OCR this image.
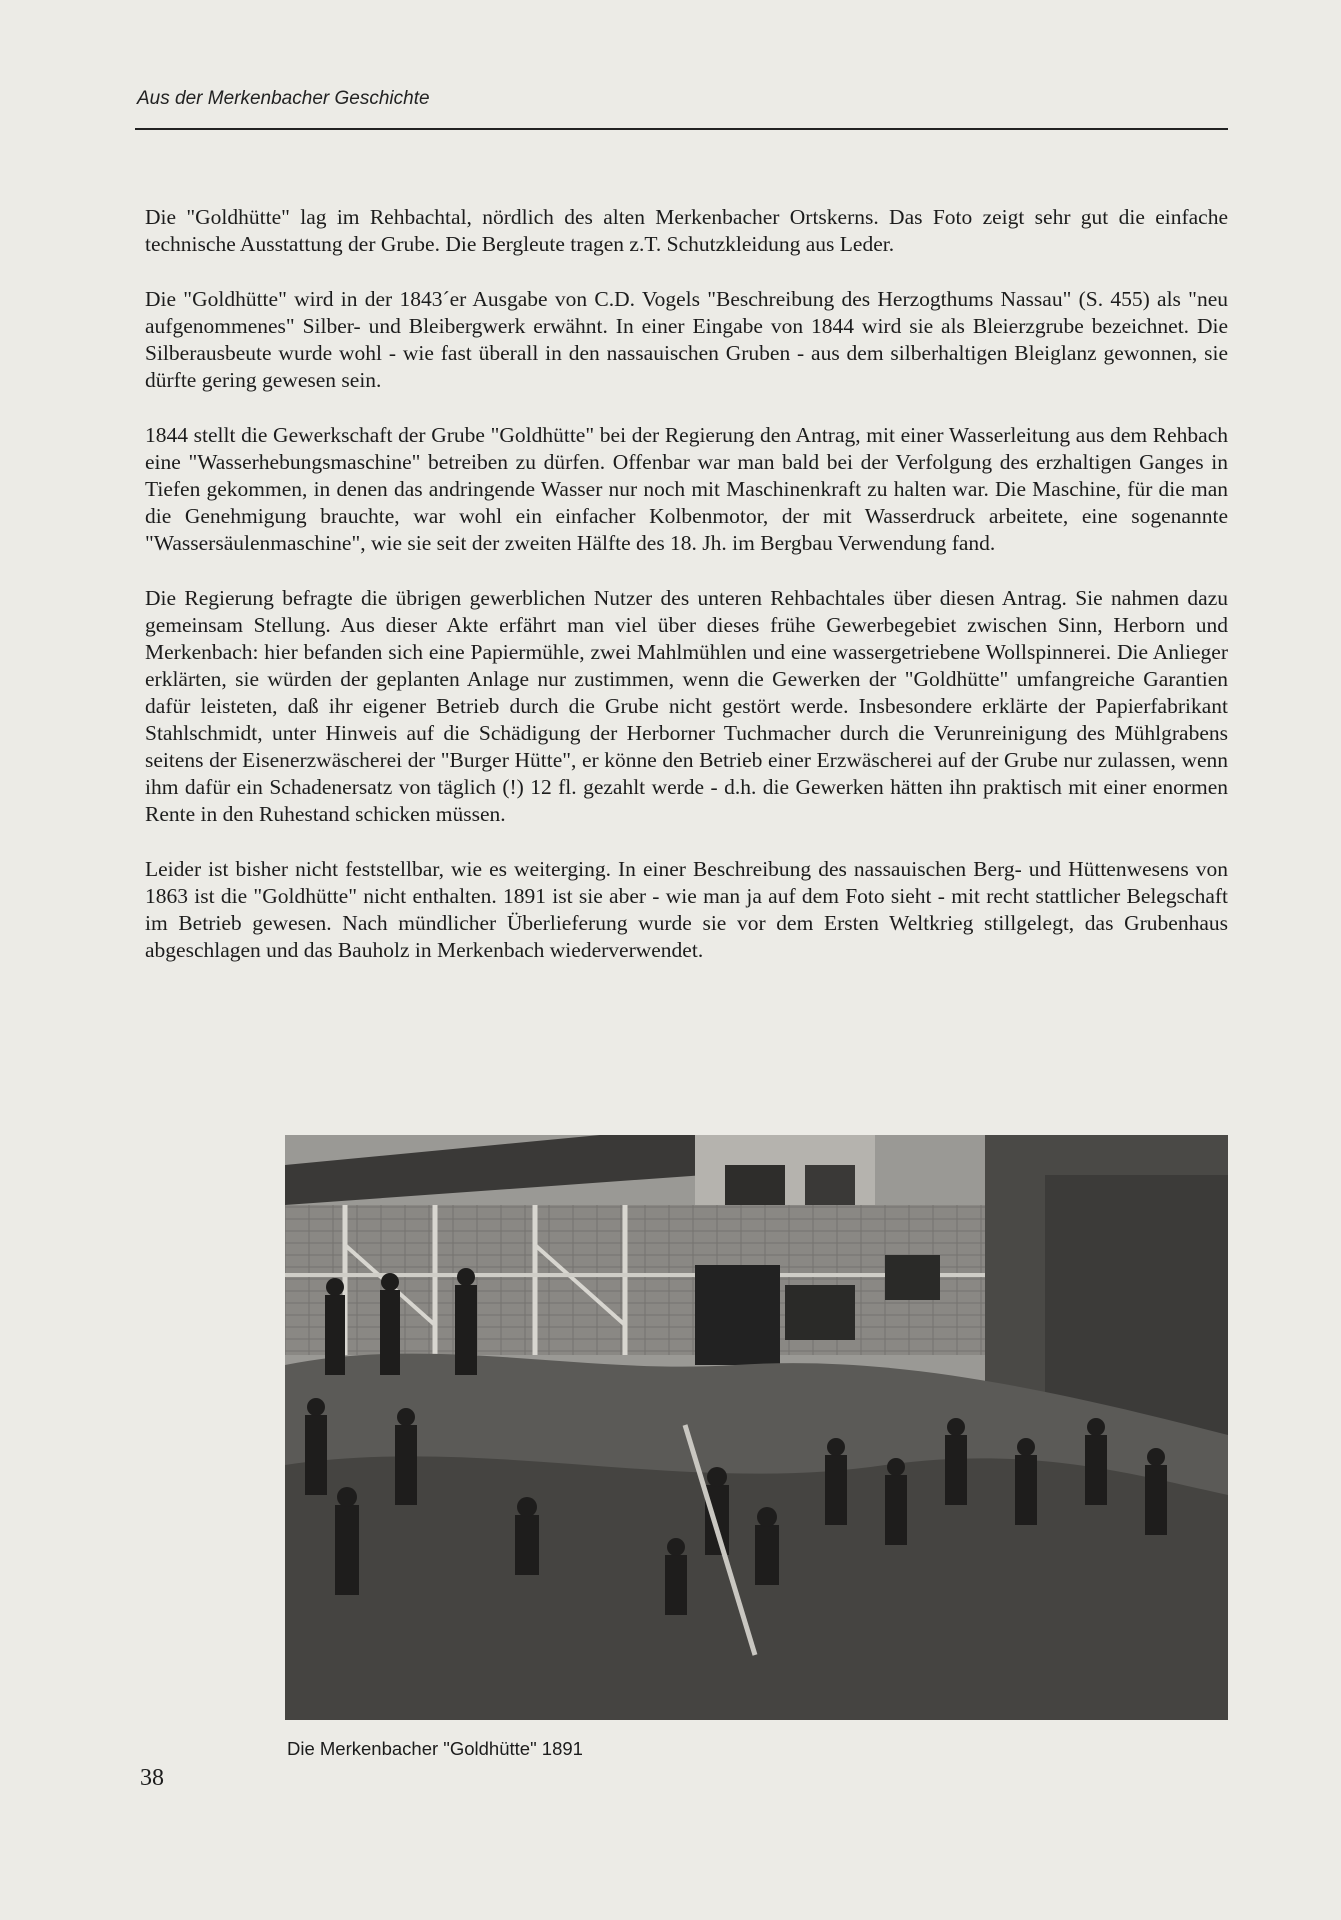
Aus der Merkenbacher Geschichte

Die "Goldhütte" lag im Rehbachtal, nördlich des alten Merkenbacher Ortskerns. Das Foto zeigt sehr gut die einfache technische Ausstattung der Grube. Die Bergleute tragen z.T. Schutzkleidung aus Leder.

Die "Goldhütte" wird in der 1843´er Ausgabe von C.D. Vogels "Beschreibung des Herzogthums Nassau" (S. 455) als "neu aufgenommenes" Silber- und Bleibergwerk erwähnt. In einer Eingabe von 1844 wird sie als Bleierzgrube bezeichnet. Die Silberausbeute wurde wohl - wie fast überall in den nassauischen Gruben - aus dem silberhaltigen Bleiglanz gewonnen, sie dürfte gering gewesen sein.

1844 stellt die Gewerkschaft der Grube "Goldhütte" bei der Regierung den Antrag, mit einer Wasserleitung aus dem Rehbach eine "Wasserhebungsmaschine" betreiben zu dürfen. Offenbar war man bald bei der Verfolgung des erzhaltigen Ganges in Tiefen gekommen, in denen das andringende Wasser nur noch mit Maschinenkraft zu halten war. Die Maschine, für die man die Genehmigung brauchte, war wohl ein einfacher Kolbenmotor, der mit Wasserdruck arbeitete, eine sogenannte "Wassersäulenmaschine", wie sie seit der zweiten Hälfte des 18. Jh. im Bergbau Verwendung fand.

Die Regierung befragte die übrigen gewerblichen Nutzer des unteren Rehbachtales über diesen Antrag. Sie nahmen dazu gemeinsam Stellung. Aus dieser Akte erfährt man viel über dieses frühe Gewerbegebiet zwischen Sinn, Herborn und Merkenbach: hier befanden sich eine Papiermühle, zwei Mahlmühlen und eine wassergetriebene Wollspinnerei. Die Anlieger erklärten, sie würden der geplanten Anlage nur zustimmen, wenn die Gewerken der "Goldhütte" umfangreiche Garantien dafür leisteten, daß ihr eigener Betrieb durch die Grube nicht gestört werde. Insbesondere erklärte der Papierfabrikant Stahlschmidt, unter Hinweis auf die Schädigung der Herborner Tuchmacher durch die Verunreinigung des Mühlgrabens seitens der Eisenerzwäscherei der "Burger Hütte", er könne den Betrieb einer Erzwäscherei auf der Grube nur zulassen, wenn ihm dafür ein Schadenersatz von täglich (!) 12 fl. gezahlt werde - d.h. die Gewerken hätten ihn praktisch mit einer enormen Rente in den Ruhestand schicken müssen.

Leider ist bisher nicht feststellbar, wie es weiterging. In einer Beschreibung des nassauischen Berg- und Hüttenwesens von 1863 ist die "Goldhütte" nicht enthalten. 1891 ist sie aber - wie man ja auf dem Foto sieht - mit recht stattlicher Belegschaft im Betrieb gewesen. Nach mündlicher Überlieferung wurde sie vor dem Ersten Weltkrieg stillgelegt, das Grubenhaus abgeschlagen und das Bauholz in Merkenbach wiederverwendet.

Die Merkenbacher "Goldhütte" 1891
38
